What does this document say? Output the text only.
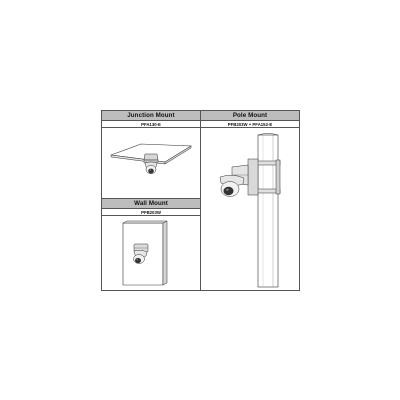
Junction Mount
PFA130-E
Wall Mount
PFB203W
Pole Mount
PFB203W + PFA152-E
